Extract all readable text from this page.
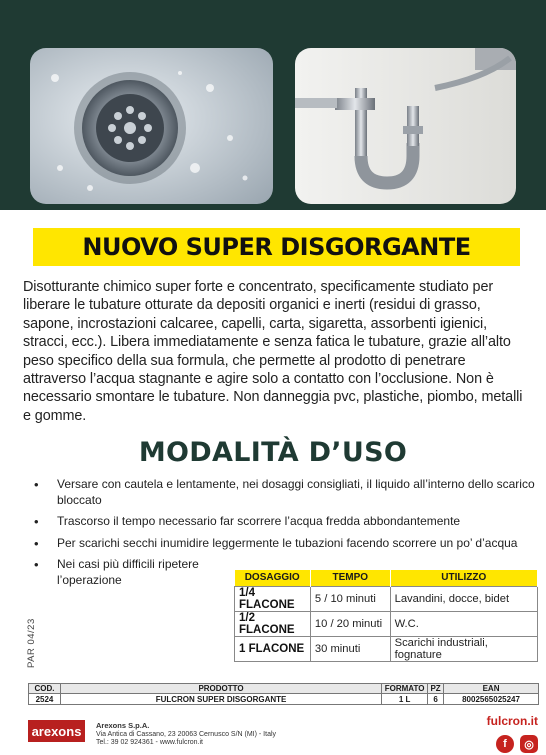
NUOVO SUPER DISGORGANTE

Disotturante chimico super forte e concentrato, specificamente studiato per liberare le tubature otturate da depositi organici e inerti (residui di grasso, sapone, incrostazioni calcaree, capelli, carta, sigaretta, assorbenti igienici, stracci, ecc.). Libera immediatamente e senza fatica le tubature, grazie all’alto peso specifico della sua formula, che permette al prodotto di penetrare attraverso l’acqua stagnante e agire solo a contatto con l’occlusione. Non è necessario smontare le tubature. Non danneggia pvc, plastiche, piombo, metalli e gomme.

MODALITÀ D’USO
• Versare con cautela e lentamente, nei dosaggi consigliati, il liquido all’interno dello scarico bloccato
• Trascorso il tempo necessario far scorrere l’acqua fredda abbondantemente
• Per scarichi secchi inumidire leggermente le tubazioni facendo scorrere un po’ d’acqua
• Nei casi più difficili ripetere l’operazione	DOSAGGIO	TEMPO	UTILIZZO
1/4 FLACONE	5 / 10 minuti	Lavandini, docce, bidet
1/2 FLACONE	10 / 20 minuti	W.C.
1 FLACONE	30 minuti	Scarichi industriali, fognature
PAR 04/23
COD.	PRODOTTO	FORMATO	PZ	EAN
2524	FULCRON SUPER DISGORGANTE	1 L	6	8002565025247
arexons	Arexons S.p.A.
Via Antica di Cassano, 23 20063 Cernusco S/N (MI) - Italy
Tel.: 39 02 924361 - www.fulcron.it
fulcron.it
f	◎
